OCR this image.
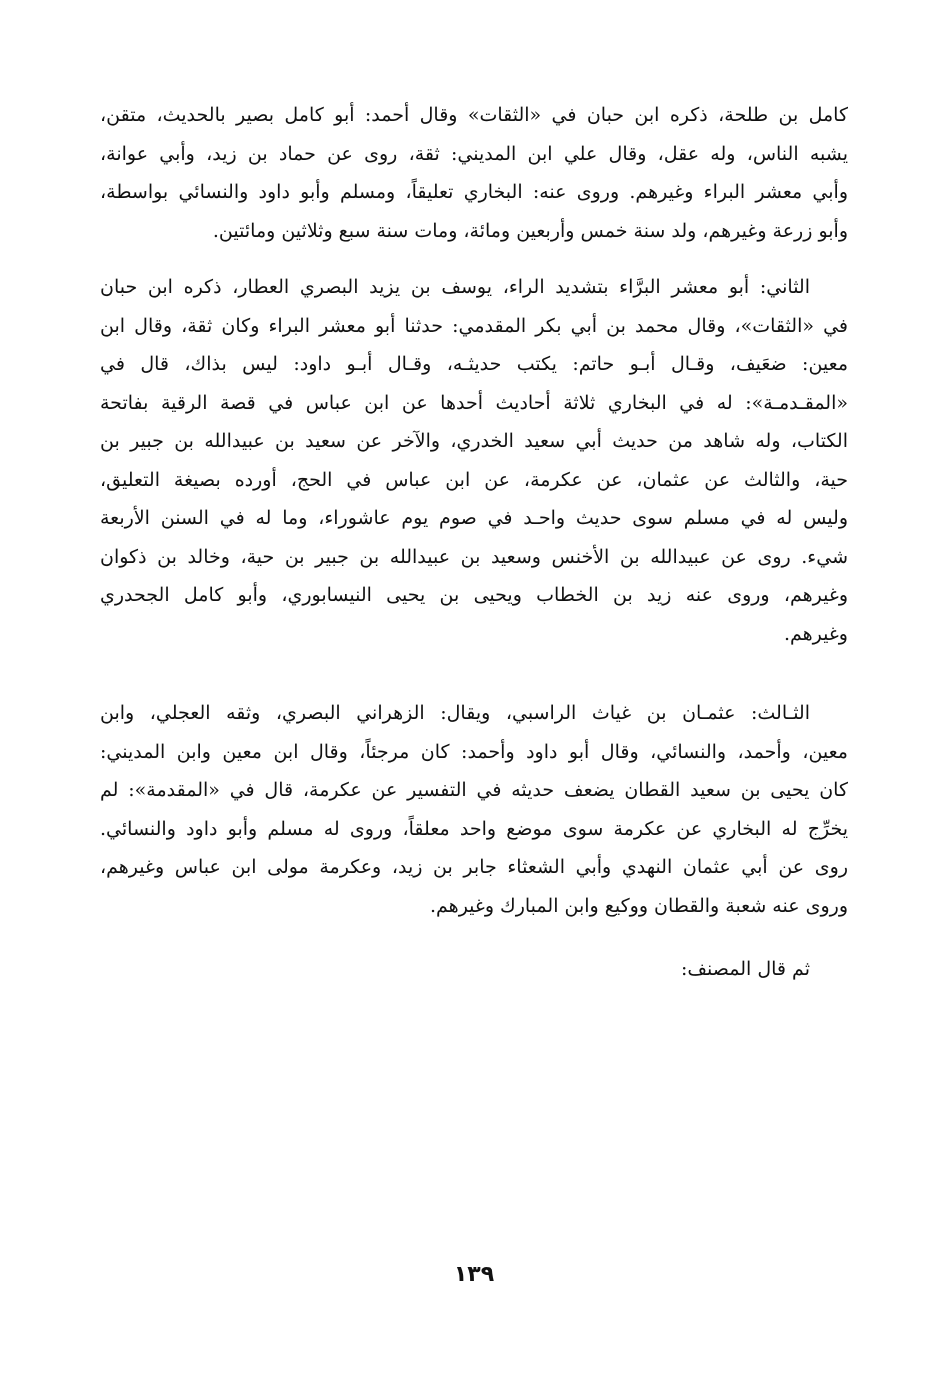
كامل بن طلحة، ذكره ابن حبان في «الثقات» وقال أحمد: أبو كامل بصير بالحديث، متقن،
يشبه الناس، وله عقل، وقال علي ابن المديني: ثقة، روى عن حماد بن زيد، وأبي عوانة،
وأبي معشر البراء وغيرهم. وروى عنه: البخاري تعليقاً، ومسلم وأبو داود والنسائي بواسطة،
وأبو زرعة وغيرهم، ولد سنة خمس وأربعين ومائة، ومات سنة سبع وثلاثين ومائتين.
الثاني: أبو معشر البرَّاء بتشديد الراء، يوسف بن يزيد البصري العطار، ذكره ابن حبان
في «الثقات»، وقال محمد بن أبي بكر المقدمي: حدثنا أبو معشر البراء وكان ثقة، وقال ابن
معين: ضعَيف، وقـال أبـو حاتم: يكتب حديثـه، وقـال أبـو داود: ليس بذاك، قال في
«المقـدمـة»: له في البخاري ثلاثة أحاديث أحدها عن ابن عباس في قصة الرقية بفاتحة
الكتاب، وله شاهد من حديث أبي سعيد الخدري، والآخر عن سعيد بن عبيدالله بن جبير بن
حية، والثالث عن عثمان، عن عكرمة، عن ابن عباس في الحج، أورده بصيغة التعليق،
وليس له في مسلم سوى حديث واحـد في صوم يوم عاشوراء، وما له في السنن الأربعة
شيء. روى عن عبيدالله بن الأخنس وسعيد بن عبيدالله بن جبير بن حية، وخالد بن ذكوان
وغيرهم، وروى عنه زيد بن الخطاب ويحيى بن يحيى النيسابوري، وأبو كامل الجحدري
وغيرهم.
الثـالث: عثمـان بن غياث الراسبي، ويقال: الزهراني البصري، وثقه العجلي، وابن
معين، وأحمد، والنسائي، وقال أبو داود وأحمد: كان مرجئاً، وقال ابن معين وابن المديني:
كان يحيى بن سعيد القطان يضعف حديثه في التفسير عن عكرمة، قال في «المقدمة»: لم
يخرِّج له البخاري عن عكرمة سوى موضع واحد معلقاً، وروى له مسلم وأبو داود والنسائي.
روى عن أبي عثمان النهدي وأبي الشعثاء جابر بن زيد، وعكرمة مولى ابن عباس وغيرهم،
وروى عنه شعبة والقطان ووكيع وابن المبارك وغيرهم.
ثم قال المصنف:
١٣٩
